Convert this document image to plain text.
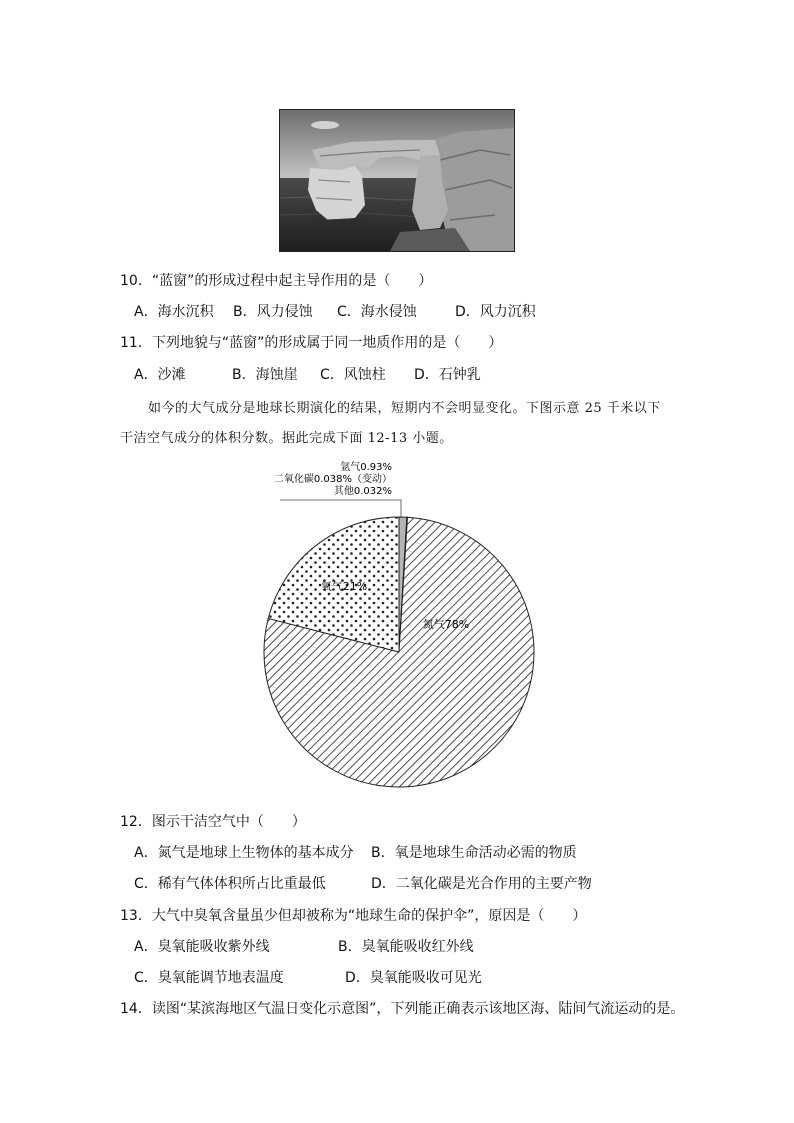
10．“蓝窗”的形成过程中起主导作用的是（　　）
A．海水沉积 B．风力侵蚀 C．海水侵蚀	D．风力沉积
11．下列地貌与“蓝窗”的形成属于同一地质作用的是（　　）
A．沙滩	B．海蚀崖 C．风蚀柱 D．石钟乳
如今的大气成分是地球长期演化的结果，短期内不会明显变化。下图示意 25 千米以下
干洁空气成分的体积分数。据此完成下面 12-13 小题。
氩气0.93%
二氧化碳0.038%（变动）
其他0.032%
氧气21%
氮气78%
12．图示干洁空气中（　　）
A．氮气是地球上生物体的基本成分 B．氧是地球生命活动必需的物质
C．稀有气体体积所占比重最低	D．二氧化碳是光合作用的主要产物
13．大气中臭氧含量虽少但却被称为“地球生命的保护伞”，原因是（　　）
A．臭氧能吸收紫外线	B．臭氧能吸收红外线
C．臭氧能调节地表温度	D．臭氧能吸收可见光
14．读图“某滨海地区气温日变化示意图”，下列能正确表示该地区海、陆间气流运动的是。
